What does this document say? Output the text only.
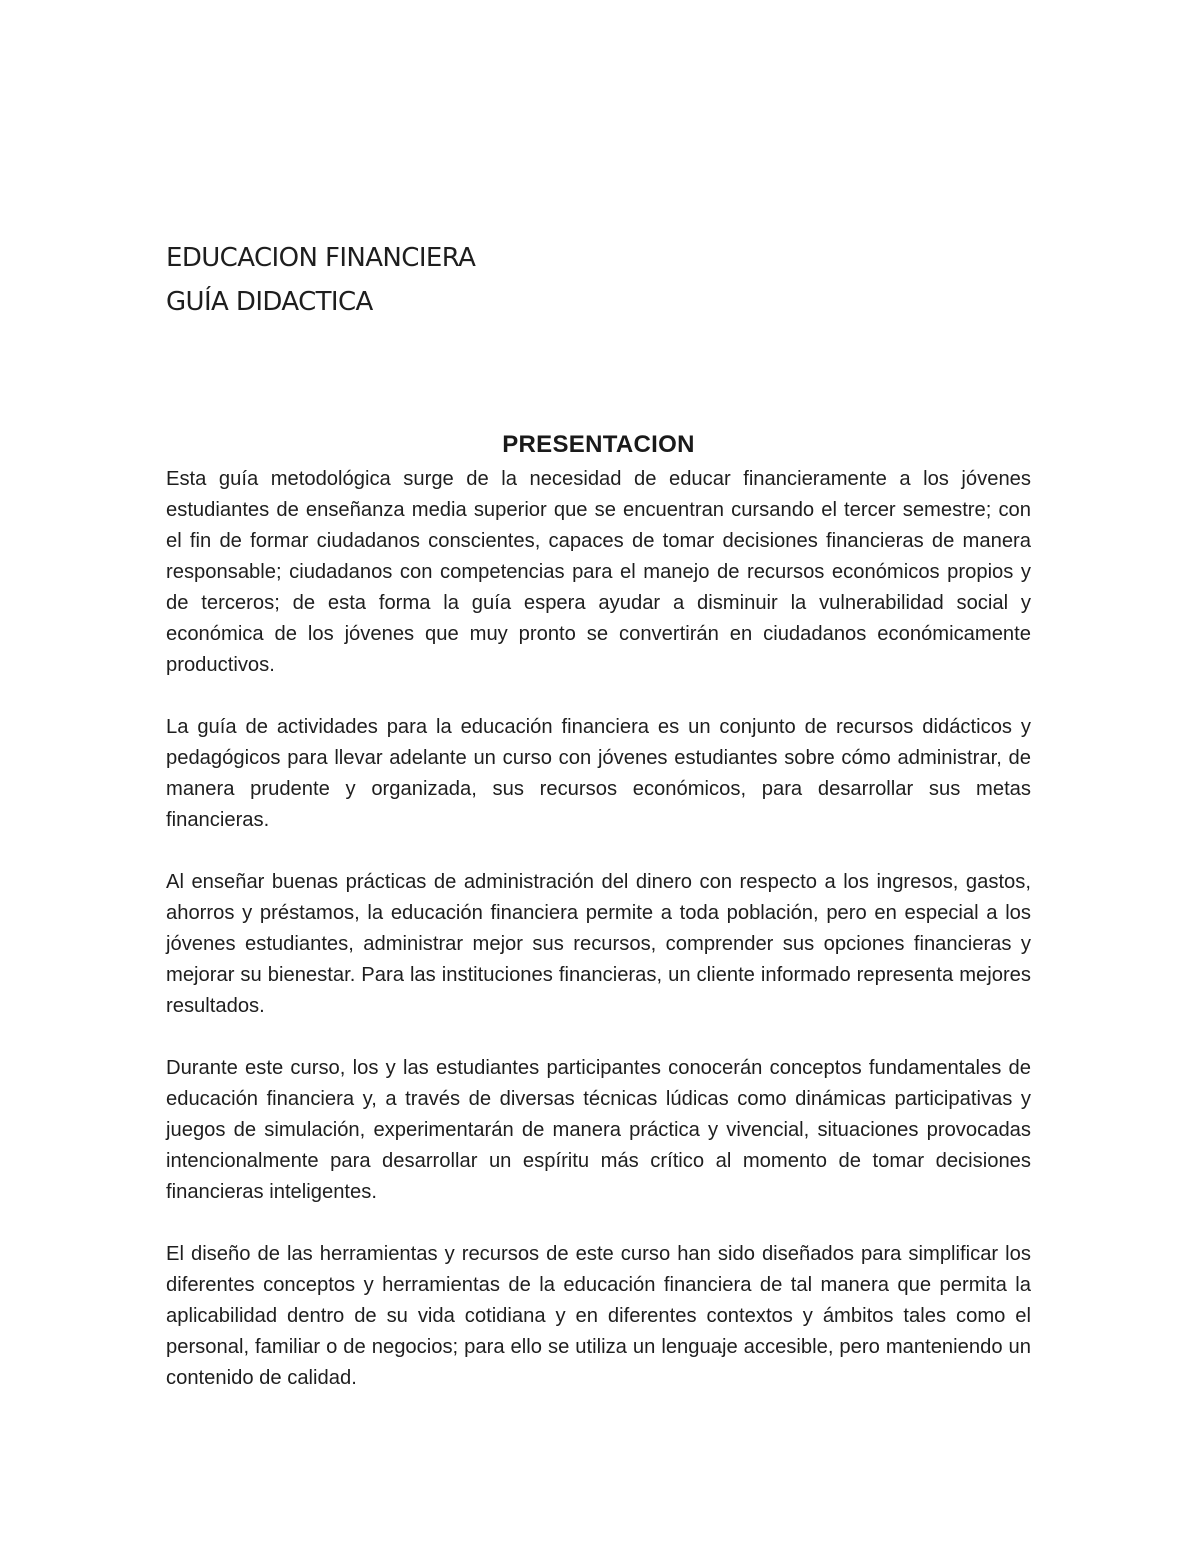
EDUCACION FINANCIERA
GUÍA DIDACTICA
PRESENTACION

Esta guía metodológica surge de la necesidad de educar financieramente a los jóvenes estudiantes de enseñanza media superior que se encuentran cursando el tercer semestre; con el fin de formar ciudadanos conscientes, capaces de tomar decisiones financieras de manera responsable; ciudadanos con competencias para el manejo de recursos económicos propios y de terceros; de esta forma la guía espera ayudar a disminuir la vulnerabilidad social y económica de los jóvenes que muy pronto se convertirán en ciudadanos económicamente productivos.

La guía de actividades para la educación financiera es un conjunto de recursos didácticos y pedagógicos para llevar adelante un curso con jóvenes estudiantes sobre cómo administrar, de manera prudente y organizada, sus recursos económicos, para desarrollar sus metas financieras.

Al enseñar buenas prácticas de administración del dinero con respecto a los ingresos, gastos, ahorros y préstamos, la educación financiera permite a toda población, pero en especial a los jóvenes estudiantes, administrar mejor sus recursos, comprender sus opciones financieras y mejorar su bienestar. Para las instituciones financieras, un cliente informado representa mejores resultados.

Durante este curso, los y las estudiantes participantes conocerán conceptos fundamentales de educación financiera y, a través de diversas técnicas lúdicas como dinámicas participativas y juegos de simulación, experimentarán de manera práctica y vivencial, situaciones provocadas intencionalmente para desarrollar un espíritu más crítico al momento de tomar decisiones financieras inteligentes.

El diseño de las herramientas y recursos de este curso han sido diseñados para simplificar los diferentes conceptos y herramientas de la educación financiera de tal manera que permita la aplicabilidad dentro de su vida cotidiana y en diferentes contextos y ámbitos tales como el personal, familiar o de negocios; para ello se utiliza un lenguaje accesible, pero manteniendo un contenido de calidad.
